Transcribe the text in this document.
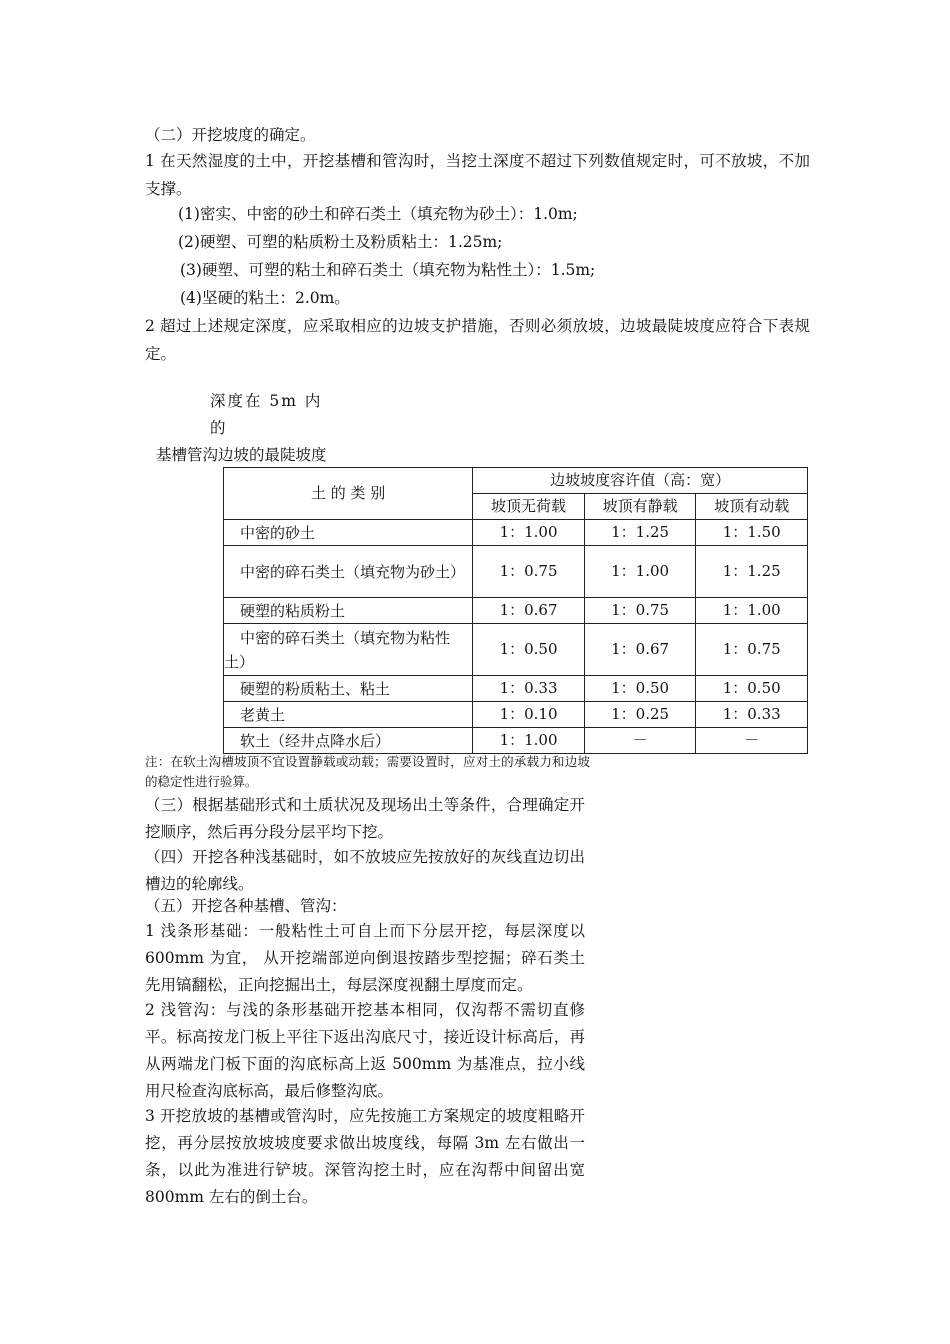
（二）开挖坡度的确定。
1 在天然湿度的土中，开挖基槽和管沟时，当挖土深度不超过下列数值规定时，可不放坡，不加支撑。
(1)密实、中密的砂土和碎石类土（填充物为砂土）：1.0m;
(2)硬塑、可塑的粘质粉土及粉质粘土：1.25m;
(3)硬塑、可塑的粘土和碎石类土（填充物为粘性土）：1.5m;
(4)坚硬的粘土：2.0m。
2 超过上述规定深度，应采取相应的边坡支护措施，否则必须放坡，边坡最陡坡度应符合下表规定。
深度在 5m 内的
基槽管沟边坡的最陡坡度
土 的 类 别	边坡坡度容许值（高：宽）		
	坡顶无荷载	坡顶有静载	坡顶有动载
中密的砂土	1：1.00	1：1.25	1：1.50
中密的碎石类土（填充物为砂土）	1：0.75	1：1.00	1：1.25
硬塑的粘质粉土	1：0.67	1：0.75	1：1.00
中密的碎石类土（填充物为粘性土）	1：0.50	1：0.67	1：0.75
硬塑的粉质粘土、粘土	1：0.33	1：0.50	1：0.50
老黄土	1：0.10	1：0.25	1：0.33
软土（经井点降水后）	1：1.00	－	－
注：在软土沟槽坡顶不宜设置静载或动载；需要设置时，应对土的承载力和边坡的稳定性进行验算。
（三）根据基础形式和土质状况及现场出土等条件，合理确定开挖顺序，然后再分段分层平均下挖。
（四）开挖各种浅基础时，如不放坡应先按放好的灰线直边切出槽边的轮廓线。
（五）开挖各种基槽、管沟：
1 浅条形基础：一般粘性土可自上而下分层开挖，每层深度以 600mm 为宜， 从开挖端部逆向倒退按踏步型挖掘；碎石类土先用镐翻松，正向挖掘出土，每层深度视翻土厚度而定。
2 浅管沟：与浅的条形基础开挖基本相同，仅沟帮不需切直修平。标高按龙门板上平往下返出沟底尺寸，接近设计标高后，再从两端龙门板下面的沟底标高上返 500mm 为基准点，拉小线用尺检查沟底标高，最后修整沟底。
3 开挖放坡的基槽或管沟时，应先按施工方案规定的坡度粗略开挖，再分层按放坡坡度要求做出坡度线，每隔 3m 左右做出一条，以此为准进行铲坡。深管沟挖土时，应在沟帮中间留出宽 800mm 左右的倒土台。
